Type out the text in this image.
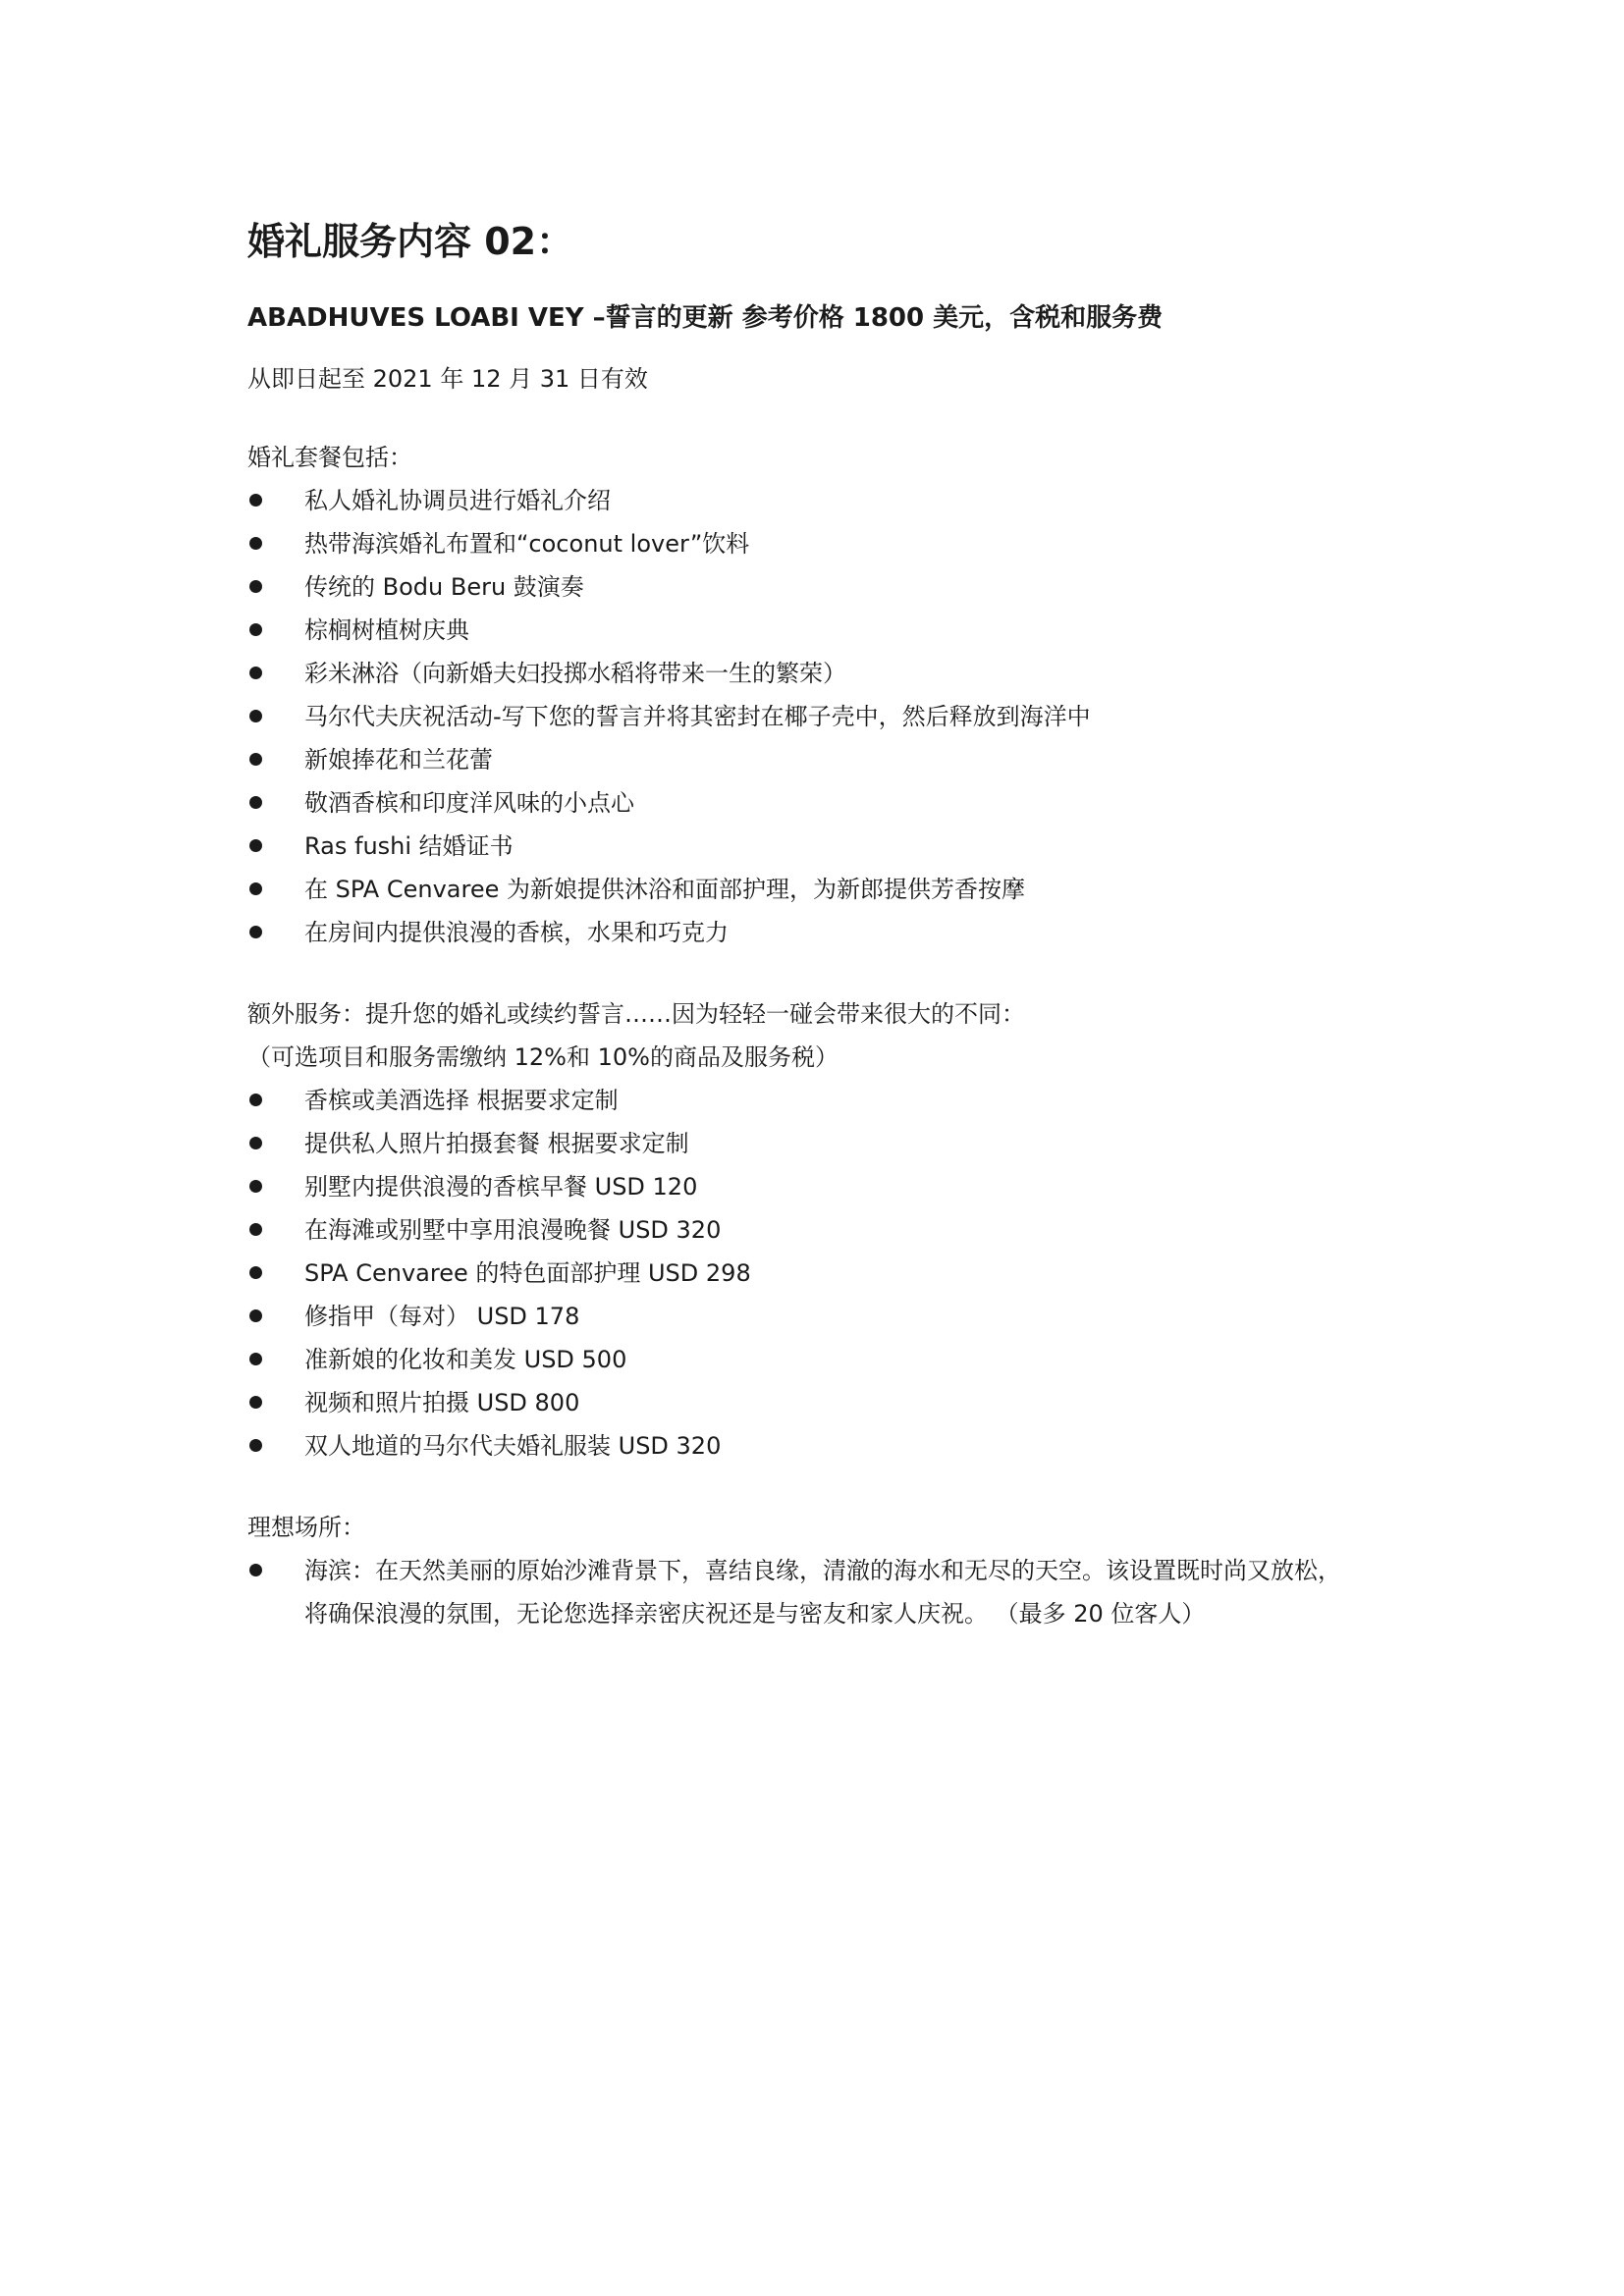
婚礼服务内容 02：
ABADHUVES LOABI VEY –誓言的更新 参考价格 1800 美元，含税和服务费
从即日起至 2021 年 12 月 31 日有效
婚礼套餐包括：
私人婚礼协调员进行婚礼介绍
热带海滨婚礼布置和“coconut lover”饮料
传统的 Bodu Beru 鼓演奏
棕榈树植树庆典
彩米淋浴（向新婚夫妇投掷水稻将带来一生的繁荣）
马尔代夫庆祝活动-写下您的誓言并将其密封在椰子壳中，然后释放到海洋中
新娘捧花和兰花蕾
敬酒香槟和印度洋风味的小点心
Ras fushi 结婚证书
在 SPA Cenvaree 为新娘提供沐浴和面部护理，为新郎提供芳香按摩
在房间内提供浪漫的香槟，水果和巧克力
额外服务：提升您的婚礼或续约誓言……因为轻轻一碰会带来很大的不同：
（可选项目和服务需缴纳 12%和 10%的商品及服务税）
香槟或美酒选择 根据要求定制
提供私人照片拍摄套餐 根据要求定制
别墅内提供浪漫的香槟早餐 USD 120
在海滩或别墅中享用浪漫晚餐 USD 320
SPA Cenvaree 的特色面部护理 USD 298
修指甲（每对） USD 178
准新娘的化妆和美发 USD 500
视频和照片拍摄 USD 800
双人地道的马尔代夫婚礼服装 USD 320
理想场所：
海滨：在天然美丽的原始沙滩背景下，喜结良缘，清澈的海水和无尽的天空。该设置既时尚又放松，
将确保浪漫的氛围，无论您选择亲密庆祝还是与密友和家人庆祝。 （最多 20 位客人）
